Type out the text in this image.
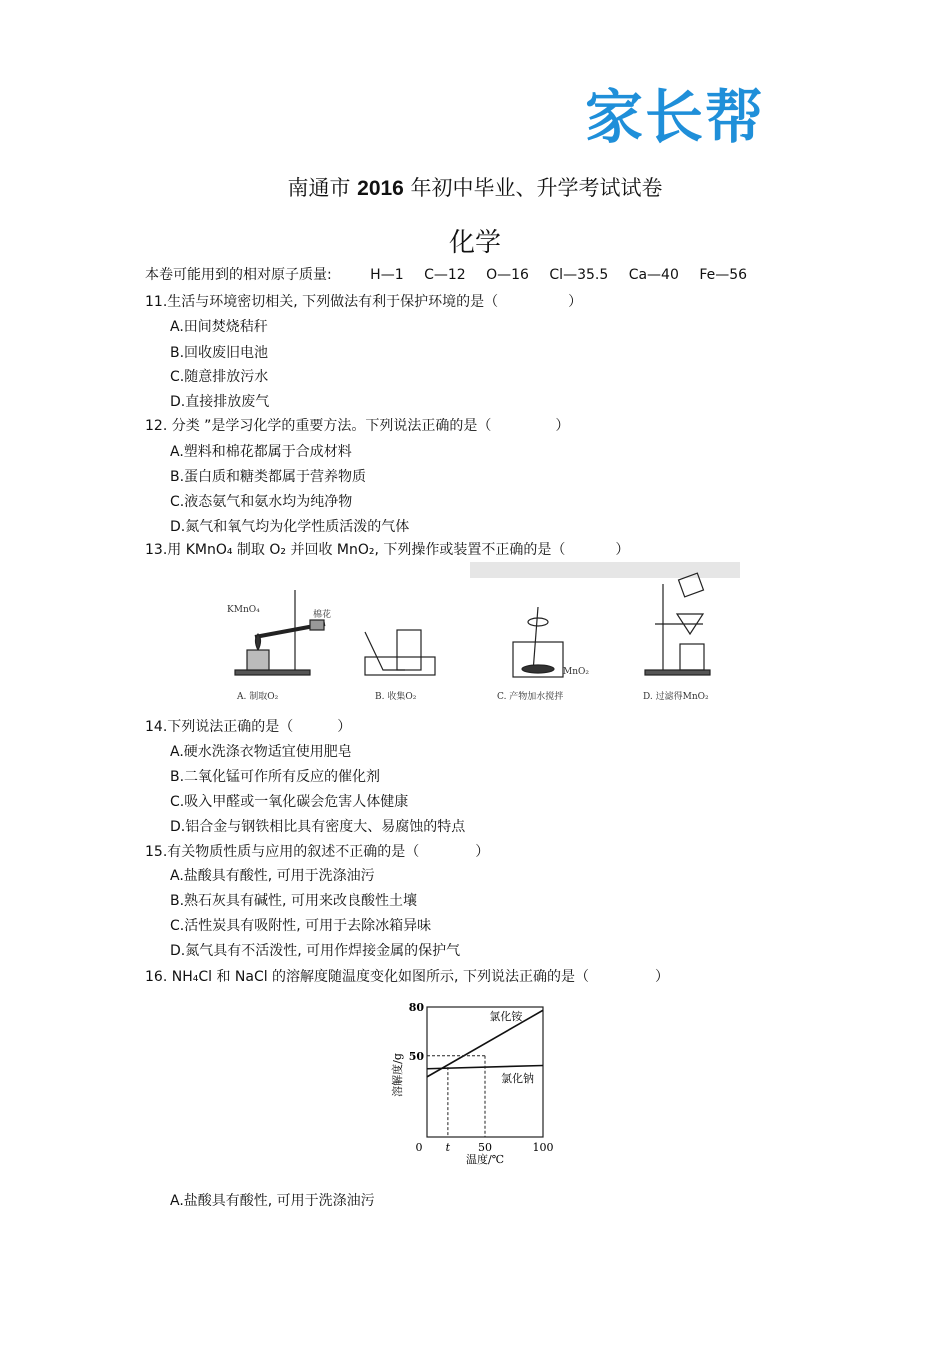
家长帮
南通市 2016 年初中毕业、升学考试试卷
化学
本卷可能用到的相对原子质量:	H—1 C—12 O—16 Cl—35.5 Ca—40 Fe—56
11.生活与环境密切相关, 下列做法有利于保护环境的是（	）
A.田间焚烧秸秆
B.回收废旧电池
C.随意排放污水
D.直接排放废气
12. 分类 ”是学习化学的重要方法。下列说法正确的是（	）
A.塑料和棉花都属于合成材料
B.蛋白质和糖类都属于营养物质
C.液态氨气和氨水均为纯净物
D.氮气和氧气均为化学性质活泼的气体
13.用 KMnO₄ 制取 O₂ 并回收 MnO₂, 下列操作或装置不正确的是（	）
KMnO₄	棉花
A. 制取O₂	B. 收集O₂
MnO₂
C. 产物加水搅拌	D. 过滤得MnO₂
14.下列说法正确的是（	）
A.硬水洗涤衣物适宜使用肥皂
B.二氧化锰可作所有反应的催化剂
C.吸入甲醛或一氧化碳会危害人体健康
D.铝合金与钢铁相比具有密度大、易腐蚀的特点
15.有关物质性质与应用的叙述不正确的是（	）
A.盐酸具有酸性, 可用于洗涤油污
B.熟石灰具有碱性, 可用来改良酸性土壤
C.活性炭具有吸附性, 可用于去除冰箱异味
D.氮气具有不活泼性, 可用作焊接金属的保护气
16. NH₄Cl 和 NaCl 的溶解度随温度变化如图所示, 下列说法正确的是（	）
氯化铵
氯化钠
0 t	50	100
50
80
溶解度/g
温度/℃
A.盐酸具有酸性, 可用于洗涤油污
